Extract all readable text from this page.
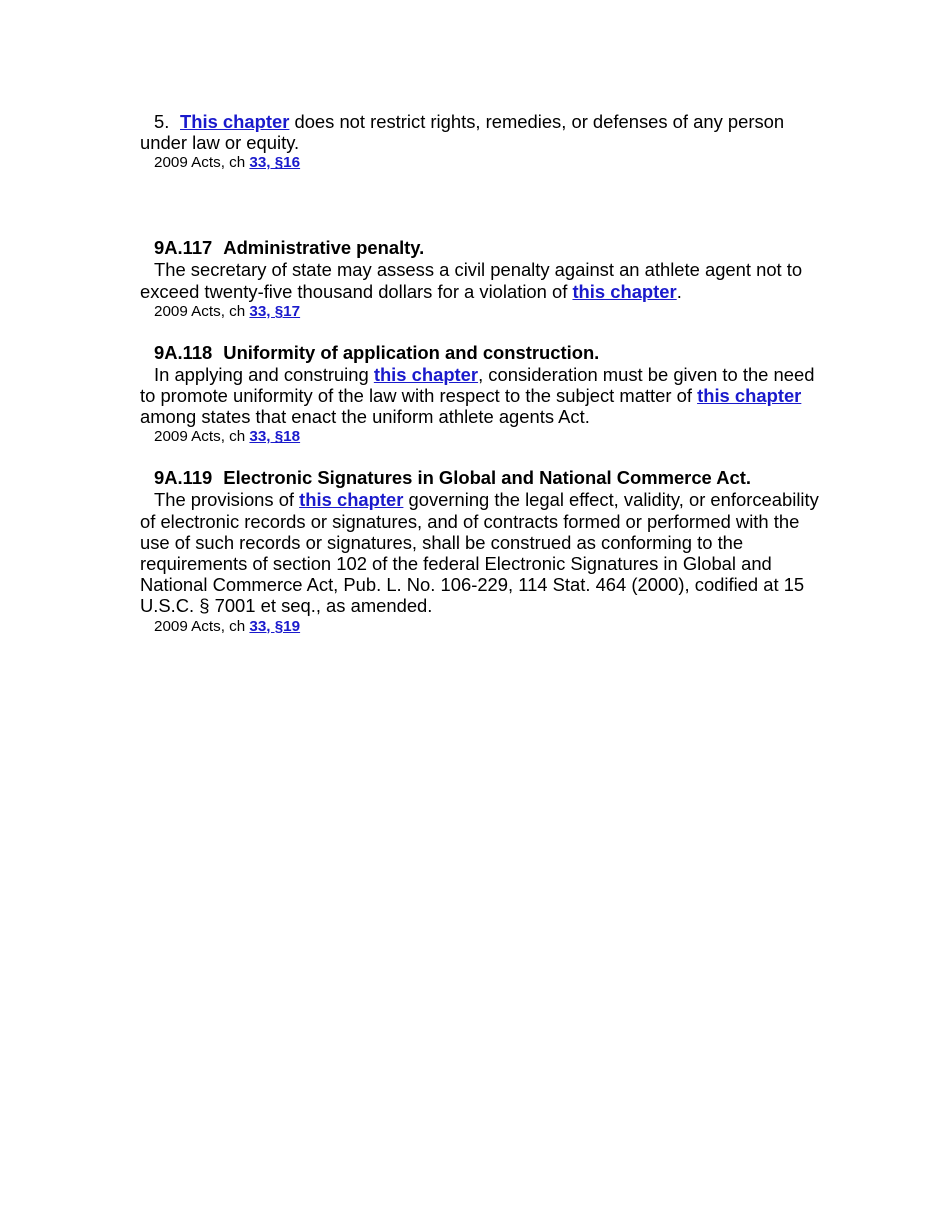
5. This chapter does not restrict rights, remedies, or defenses of any person under law or equity.

2009 Acts, ch 33, §16

9A.117 Administrative penalty.

The secretary of state may assess a civil penalty against an athlete agent not to exceed twenty-five thousand dollars for a violation of this chapter.

2009 Acts, ch 33, §17

9A.118 Uniformity of application and construction.

In applying and construing this chapter, consideration must be given to the need to promote uniformity of the law with respect to the subject matter of this chapter among states that enact the uniform athlete agents Act.

2009 Acts, ch 33, §18

9A.119 Electronic Signatures in Global and National Commerce Act.

The provisions of this chapter governing the legal effect, validity, or enforceability of electronic records or signatures, and of contracts formed or performed with the use of such records or signatures, shall be construed as conforming to the requirements of section 102 of the federal Electronic Signatures in Global and National Commerce Act, Pub. L. No. 106-229, 114 Stat. 464 (2000), codified at 15 U.S.C. § 7001 et seq., as amended.

2009 Acts, ch 33, §19
